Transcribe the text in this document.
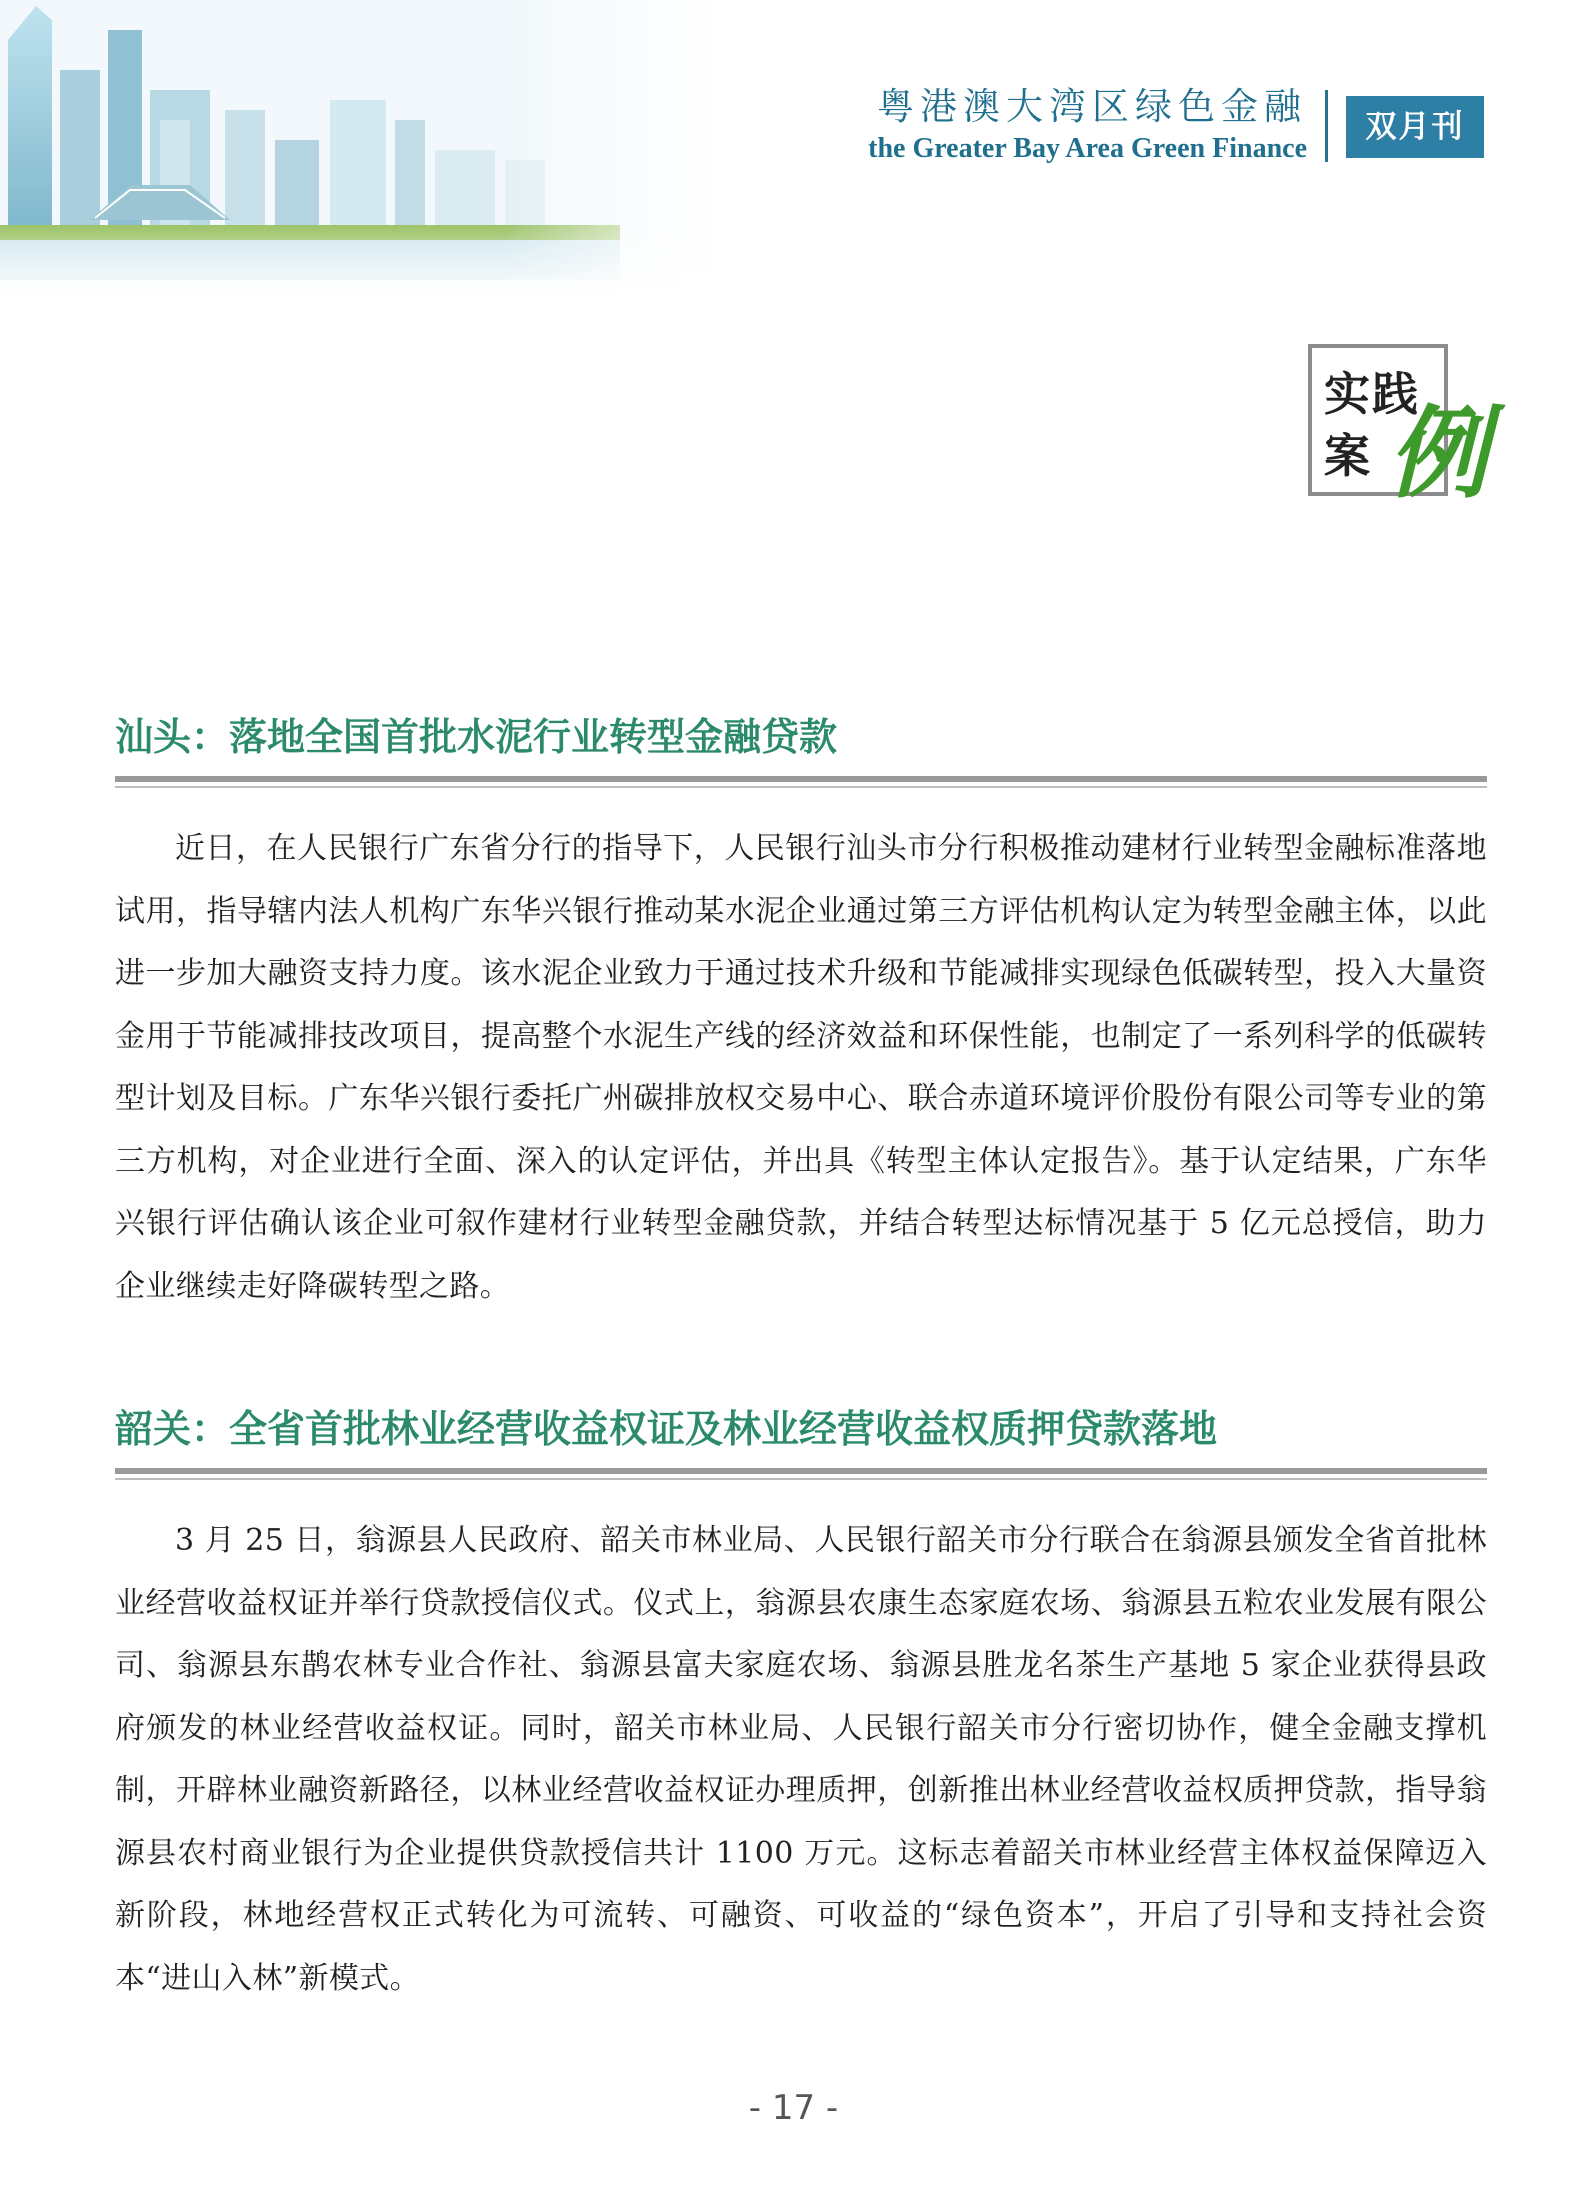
粤港澳大湾区绿色金融
the Greater Bay Area Green Finance
双月刊
实践
案 例
汕头：落地全国首批水泥行业转型金融贷款

近日，在人民银行广东省分行的指导下，人民银行汕头市分行积极推动建材行业转型金融标准落地试用，指导辖内法人机构广东华兴银行推动某水泥企业通过第三方评估机构认定为转型金融主体，以此进一步加大融资支持力度。该水泥企业致力于通过技术升级和节能减排实现绿色低碳转型，投入大量资金用于节能减排技改项目，提高整个水泥生产线的经济效益和环保性能，也制定了一系列科学的低碳转型计划及目标。广东华兴银行委托广州碳排放权交易中心、联合赤道环境评价股份有限公司等专业的第三方机构，对企业进行全面、深入的认定评估，并出具《转型主体认定报告》。基于认定结果，广东华兴银行评估确认该企业可叙作建材行业转型金融贷款，并结合转型达标情况基于 5 亿元总授信，助力企业继续走好降碳转型之路。

韶关：全省首批林业经营收益权证及林业经营收益权质押贷款落地

3 月 25 日，翁源县人民政府、韶关市林业局、人民银行韶关市分行联合在翁源县颁发全省首批林业经营收益权证并举行贷款授信仪式。仪式上，翁源县农康生态家庭农场、翁源县五粒农业发展有限公司、翁源县东鹊农林专业合作社、翁源县富夫家庭农场、翁源县胜龙名茶生产基地 5 家企业获得县政府颁发的林业经营收益权证。同时，韶关市林业局、人民银行韶关市分行密切协作，健全金融支撑机制，开辟林业融资新路径，以林业经营收益权证办理质押，创新推出林业经营收益权质押贷款，指导翁源县农村商业银行为企业提供贷款授信共计 1100 万元。这标志着韶关市林业经营主体权益保障迈入新阶段，林地经营权正式转化为可流转、可融资、可收益的“绿色资本”，开启了引导和支持社会资本“进山入林”新模式。

- 17 -
